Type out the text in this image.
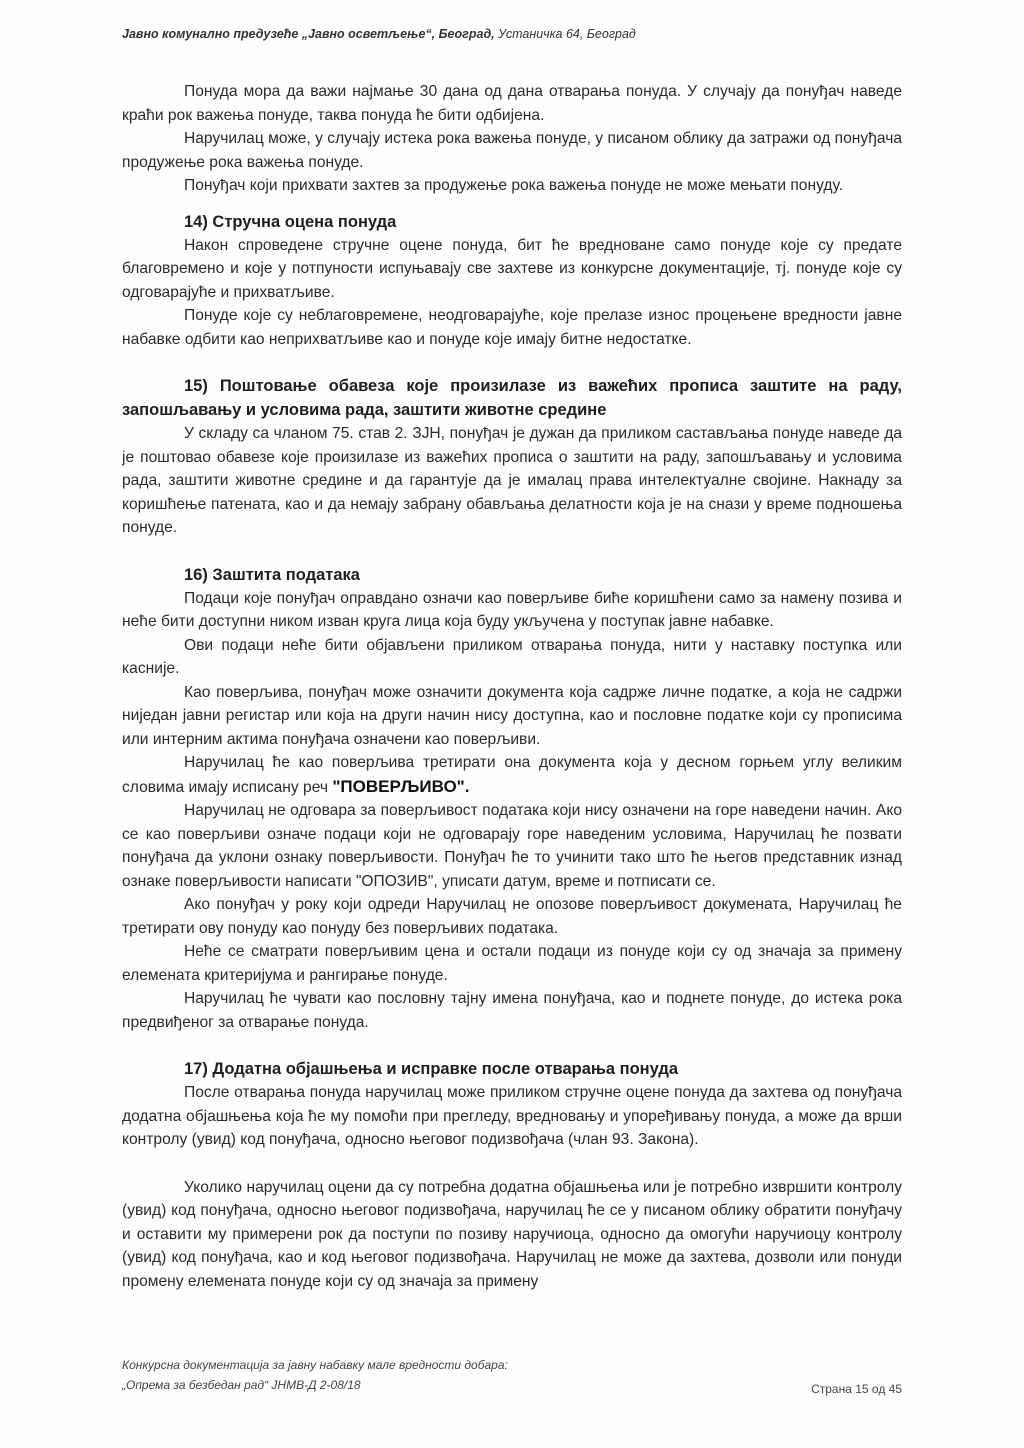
Јавно комунално предузеће „Јавно осветљење“, Београд, Устаничка 64, Београд

Понуда мора да важи најмање 30 дана од дана отварања понуда. У случају да понуђач наведе краћи рок важења понуде, таква понуда ће бити одбијена.

Наручилац може, у случају истека рока важења понуде, у писаном облику да затражи од понуђача продужење рока важења понуде.

Понуђач који прихвати захтев за продужење рока важења понуде не може мењати понуду.

14) Стручна оцена понуда

Након спроведене стручне оцене понуда, бит ће вредноване само понуде које су предате благовремено и које у потпуности испуњавају све захтеве из конкурсне документације, тј. понуде које су одговарајуће и прихватљиве.

Понуде које су неблаговремене, неодговарајуће, које прелазе износ процењене вредности јавне набавке одбити као неприхватљиве као и понуде које имају битне недостатке.

15) Поштовање обавеза које произилазе из важећих прописа заштите на раду, запошљавању и условима рада, заштити животне средине

У складу са чланом 75. став 2. ЗЈН, понуђач је дужан да приликом састављања понуде наведе да је поштовао обавезе које произилазе из важећих прописа о заштити на раду, запошљавању и условима рада, заштити животне средине и да гарантује да је ималац права интелектуалне својине. Накнаду за коришћење патената, као и да немају забрану обављања делатности која је на снази у време подношења понуде.

16) Заштита података

Подаци које понуђач оправдано означи као поверљиве биће коришћени само за намену позива и неће бити доступни ником изван круга лица која буду укључена у поступак јавне набавке.

Ови подаци неће бити објављени приликом отварања понуда, нити у наставку поступка или касније.

Као поверљива, понуђач може означити документа која садрже личне податке, а која не садржи ниједан јавни регистар или која на други начин нису доступна, као и пословне податке који су прописима или интерним актима понуђача означени као поверљиви.

Наручилац ће као поверљива третирати она документа која у десном горњем углу великим словима имају исписану реч "ПОВЕРЉИВО".

Наручилац не одговара за поверљивост података који нису означени на горе наведени начин. Ако се као поверљиви означе подаци који не одговарају горе наведеним условима, Наручилац ће позвати понуђача да уклони ознаку поверљивости. Понуђач ће то учинити тако што ће његов представник изнад ознаке поверљивости написати "ОПОЗИВ", уписати датум, време и потписати се.

Ако понуђач у року који одреди Наручилац не опозове поверљивост докумената, Наручилац ће третирати ову понуду као понуду без поверљивих података.

Неће се сматрати поверљивим цена и остали подаци из понуде који су од значаја за примену елемената критеријума и рангирање понуде.

Наручилац ће чувати као пословну тајну имена понуђача, као и поднете понуде, до истека рока предвиђеног за отварање понуда.

17) Додатна објашњења и исправке после отварања понуда

После отварања понуда наручилац може приликом стручне оцене понуда да захтева од понуђача додатна објашњења која ће му помоћи при прегледу, вредновању и упоређивању понуда, а може да врши контролу (увид) код понуђача, односно његовог подизвођача (члан 93. Закона).

Уколико наручилац оцени да су потребна додатна објашњења или је потребно извршити контролу (увид) код понуђача, односно његовог подизвођача, наручилац ће се у писаном облику обратити понуђачу и оставити му примерени рок да поступи по позиву наручиоца, односно да омогући наручиоцу контролу (увид) код понуђача, као и код његовог подизвођача. Наручилац не може да захтева, дозволи или понуди промену елемената понуде који су од значаја за примену

Конкурсна документација за јавну набавку мале вредности добара:
„Опрема за безбедан рад“ ЈНМВ-Д 2-08/18	Страна 15 од 45
